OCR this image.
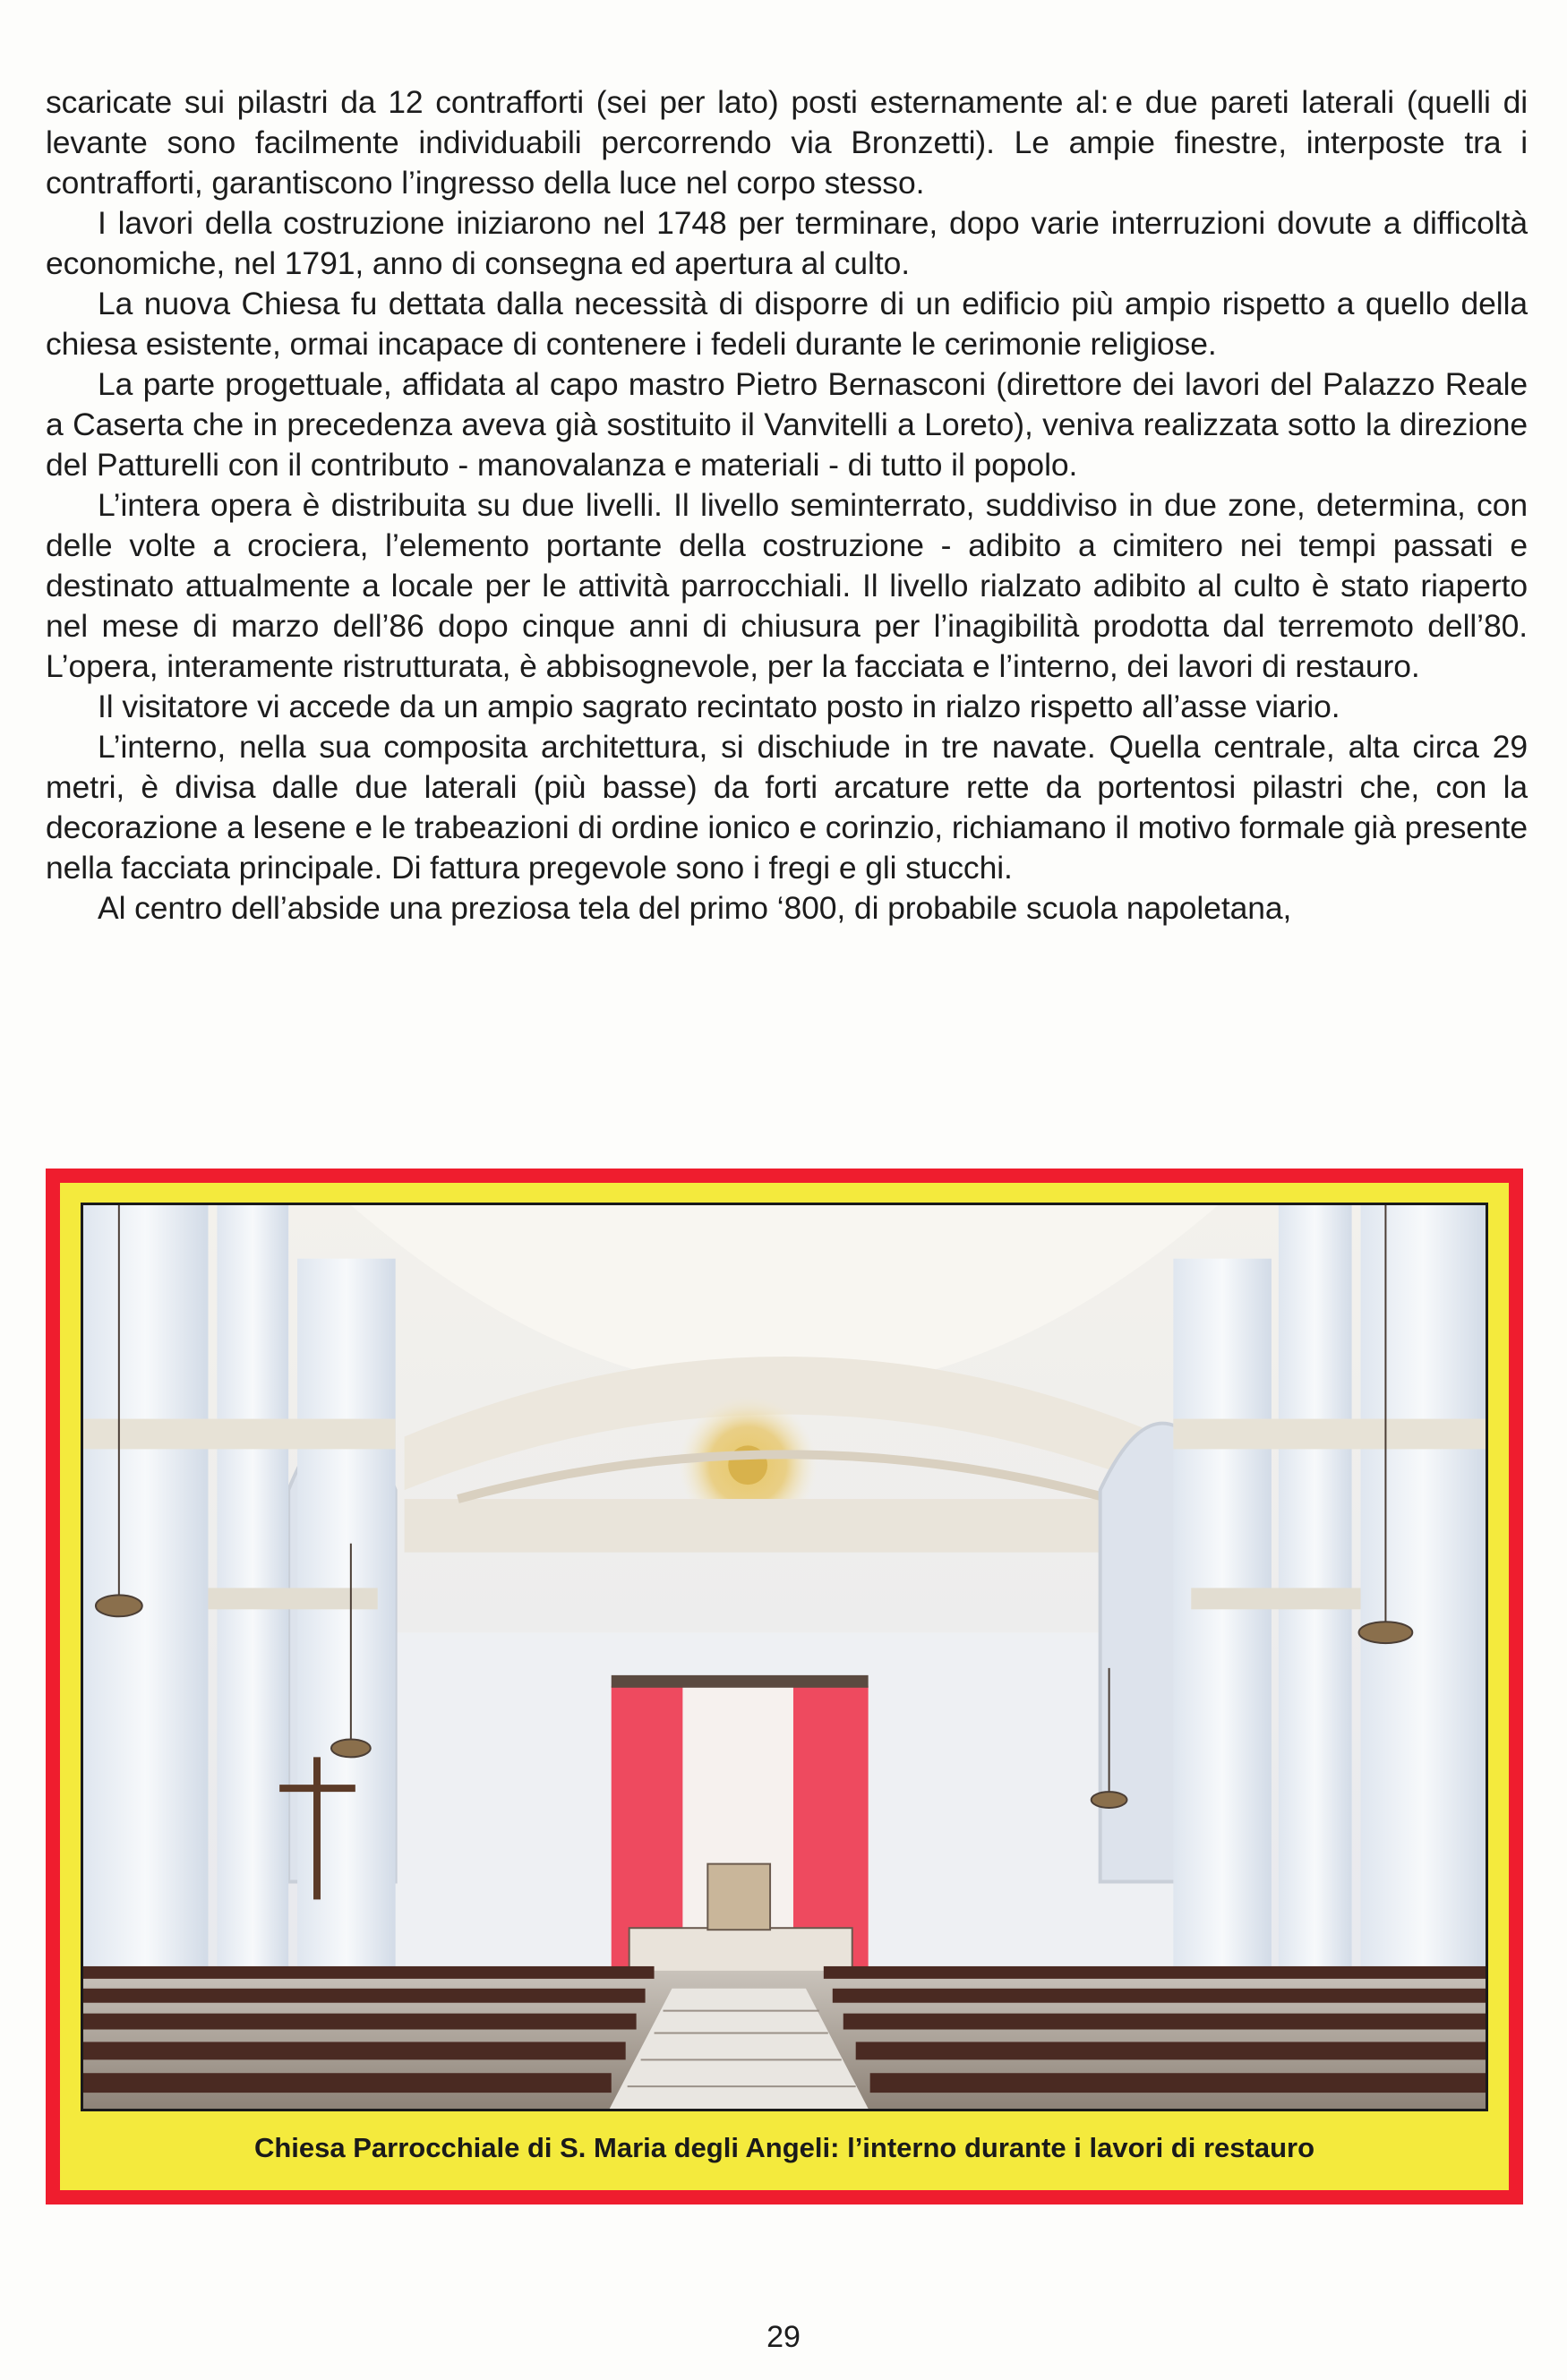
scaricate sui pilastri da 12 contrafforti (sei per lato) posti esternamente al: e due pareti laterali (quelli di levante sono facilmente individuabili percorrendo via Bronzetti). Le ampie finestre, interposte tra i contrafforti, garantiscono l’ingresso della luce nel corpo stesso.

I lavori della costruzione iniziarono nel 1748 per terminare, dopo varie interruzioni dovute a difficoltà economiche, nel 1791, anno di consegna ed apertura al culto.

La nuova Chiesa fu dettata dalla necessità di disporre di un edificio più ampio rispetto a quello della chiesa esistente, ormai incapace di contenere i fedeli durante le cerimonie religiose.

La parte progettuale, affidata al capo mastro Pietro Bernasconi (direttore dei lavori del Palazzo Reale a Caserta che in precedenza aveva già sostituito il Vanvitelli a Loreto), veniva realizzata sotto la direzione del Patturelli con il contributo - manovalanza e materiali - di tutto il popolo.

L’intera opera è distribuita su due livelli. Il livello seminterrato, suddiviso in due zone, determina, con delle volte a crociera, l’elemento portante della costruzione - adibito a cimitero nei tempi passati e destinato attualmente a locale per le attività parrocchiali. Il livello rialzato adibito al culto è stato riaperto nel mese di marzo dell’86 dopo cinque anni di chiusura per l’inagibilità prodotta dal terremoto dell’80. L’opera, interamente ristrutturata, è abbisognevole, per la facciata e l’interno, dei lavori di restauro.

Il visitatore vi accede da un ampio sagrato recintato posto in rialzo rispetto all’asse viario.

L’interno, nella sua composita architettura, si dischiude in tre navate. Quella centrale, alta circa 29 metri, è divisa dalle due laterali (più basse) da forti arcature rette da portentosi pilastri che, con la decorazione a lesene e le trabeazioni di ordine ionico e corinzio, richiamano il motivo formale già presente nella facciata principale. Di fattura pregevole sono i fregi e gli stucchi.

Al centro dell’abside una preziosa tela del primo ‘800, di probabile scuola napoletana,

Chiesa Parrocchiale di S. Maria degli Angeli: l’interno durante i lavori di restauro
29
